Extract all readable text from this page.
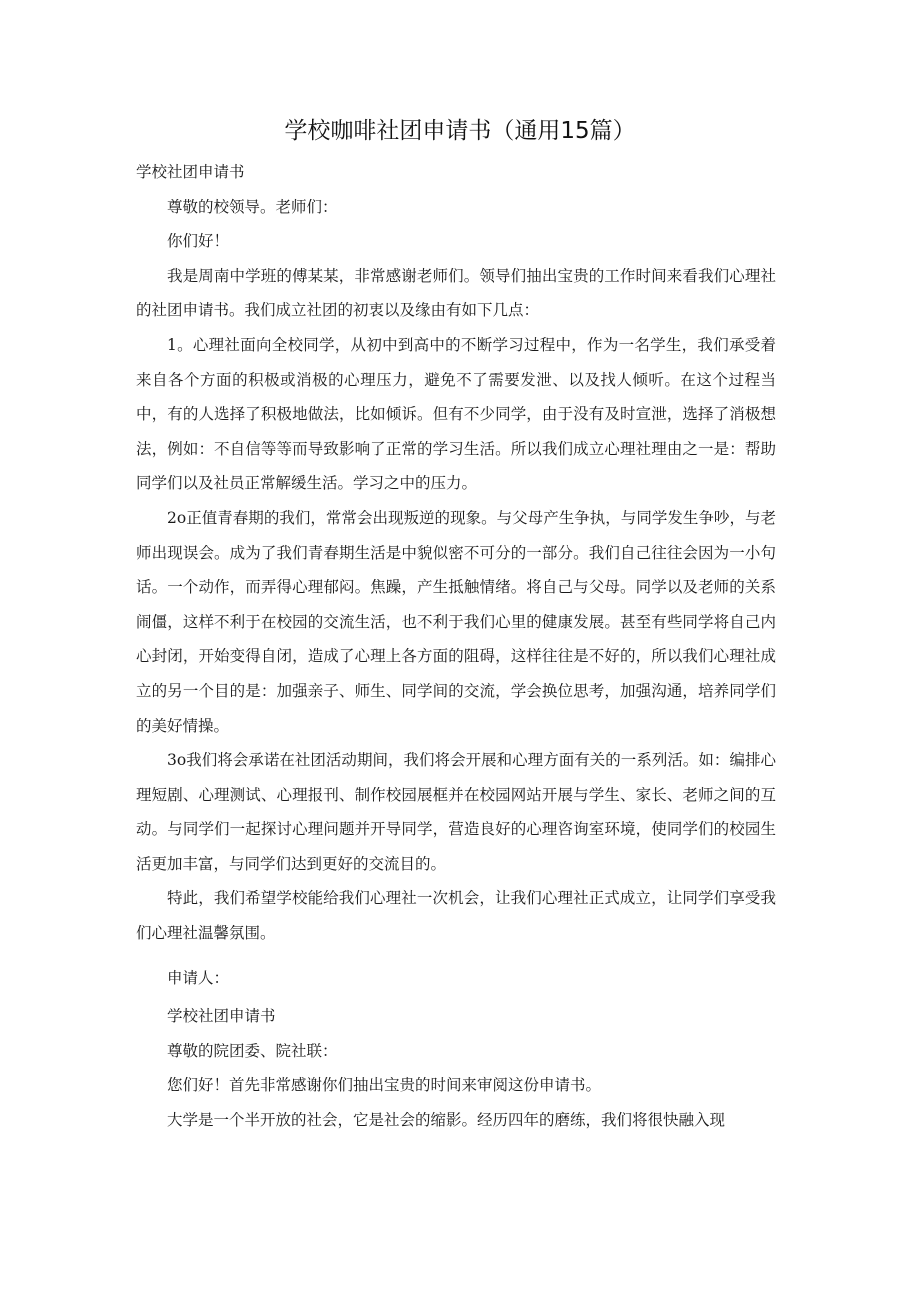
学校咖啡社团申请书（通用15篇）

学校社团申请书

尊敬的校领导。老师们：

你们好！

我是周南中学班的傅某某，非常感谢老师们。领导们抽出宝贵的工作时间来看我们心理社的社团申请书。我们成立社团的初衷以及缘由有如下几点：

1。心理社面向全校同学，从初中到高中的不断学习过程中，作为一名学生，我们承受着来自各个方面的积极或消极的心理压力，避免不了需要发泄、以及找人倾听。在这个过程当中，有的人选择了积极地做法，比如倾诉。但有不少同学，由于没有及时宣泄，选择了消极想法，例如：不自信等等而导致影响了正常的学习生活。所以我们成立心理社理由之一是：帮助同学们以及社员正常解缓生活。学习之中的压力。

2o正值青春期的我们，常常会出现叛逆的现象。与父母产生争执，与同学发生争吵，与老师出现误会。成为了我们青春期生活是中貌似密不可分的一部分。我们自己往往会因为一小句话。一个动作，而弄得心理郁闷。焦躁，产生抵触情绪。将自己与父母。同学以及老师的关系闹僵，这样不利于在校园的交流生活，也不利于我们心里的健康发展。甚至有些同学将自己内心封闭，开始变得自闭，造成了心理上各方面的阻碍，这样往往是不好的，所以我们心理社成立的另一个目的是：加强亲子、师生、同学间的交流，学会换位思考，加强沟通，培养同学们的美好情操。

3o我们将会承诺在社团活动期间，我们将会开展和心理方面有关的一系列活。如：编排心理短剧、心理测试、心理报刊、制作校园展框并在校园网站开展与学生、家长、老师之间的互动。与同学们一起探讨心理问题并开导同学，营造良好的心理咨询室环境，使同学们的校园生活更加丰富，与同学们达到更好的交流目的。

特此，我们希望学校能给我们心理社一次机会，让我们心理社正式成立，让同学们享受我们心理社温馨氛围。

申请人：

学校社团申请书

尊敬的院团委、院社联：

您们好！首先非常感谢你们抽出宝贵的时间来审阅这份申请书。

大学是一个半开放的社会，它是社会的缩影。经历四年的磨练，我们将很快融入现
